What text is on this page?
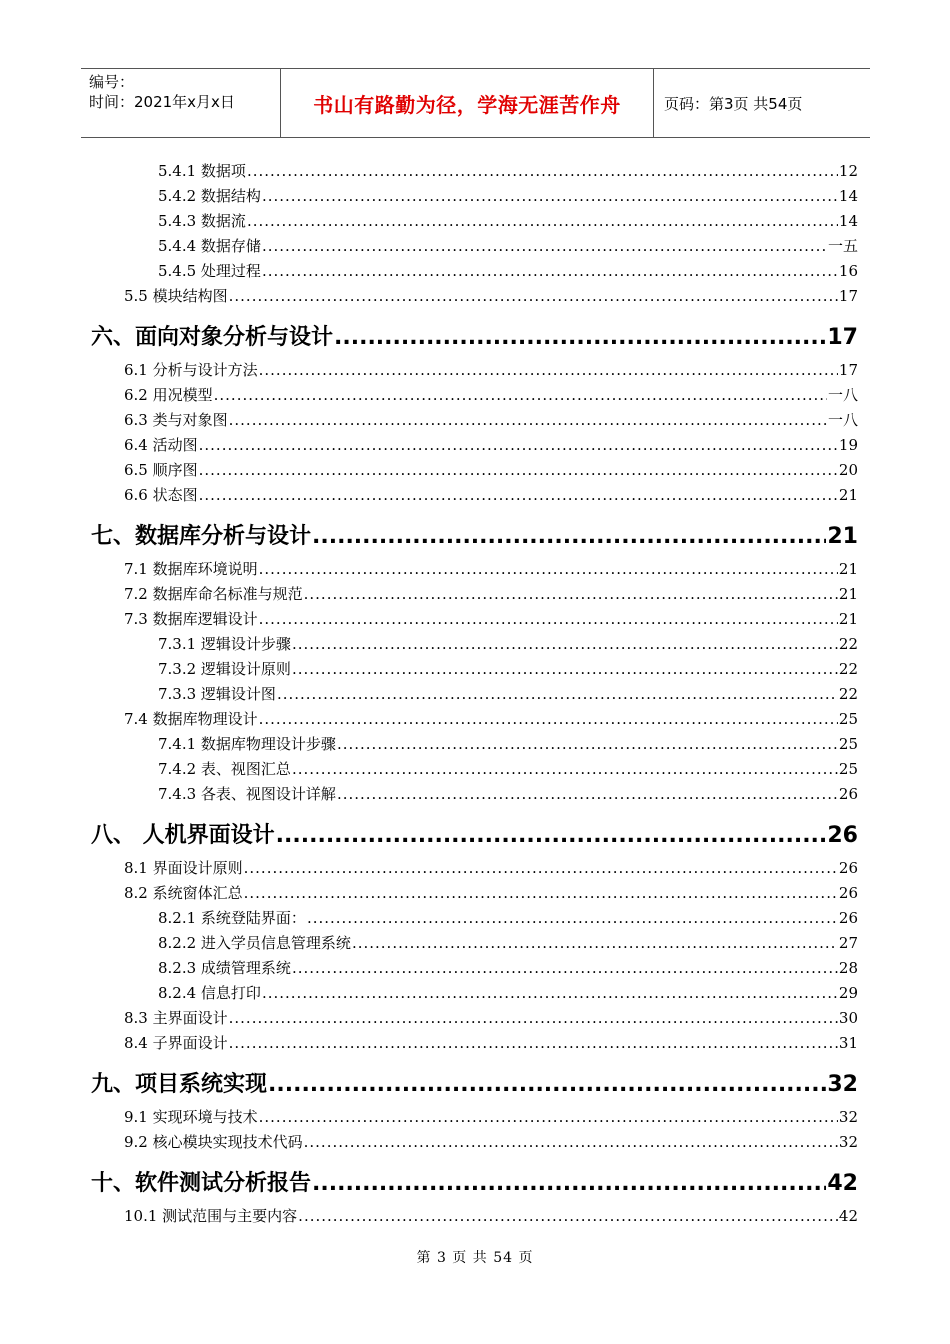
编号：
时间：2021年x月x日	书山有路勤为径，学海无涯苦作舟	页码：第3页 共54页
5.4.1 数据项 .....	12
5.4.2 数据结构 .....	14
5.4.3 数据流 .....	14
5.4.4 数据存储 .....	一五
5.4.5 处理过程 .....	16
5.5 模块结构图 .....	17
六、面向对象分析与设计 .....	17
6.1 分析与设计方法 .....	17
6.2 用况模型 .....	一八
6.3 类与对象图 .....	一八
6.4 活动图 .....	19
6.5 顺序图 .....	20
6.6 状态图 .....	21
七、数据库分析与设计 .....	21
7.1 数据库环境说明 .....	21
7.2 数据库命名标准与规范 .....	21
7.3 数据库逻辑设计 .....	21
7.3.1 逻辑设计步骤 .....	22
7.3.2 逻辑设计原则 .....	22
7.3.3 逻辑设计图 .....	22
7.4 数据库物理设计 .....	25
7.4.1 数据库物理设计步骤 .....	25
7.4.2 表、视图汇总 .....	25
7.4.3 各表、视图设计详解 .....	26
八、 人机界面设计 .....	26
8.1 界面设计原则 .....	26
8.2 系统窗体汇总 .....	26
8.2.1 系统登陆界面： .....	26
8.2.2 进入学员信息管理系统 .....	27
8.2.3 成绩管理系统 .....	28
8.2.4 信息打印 .....	29
8.3 主界面设计 .....	30
8.4 子界面设计 .....	31
九、项目系统实现 .....	32
9.1 实现环境与技术 .....	32
9.2 核心模块实现技术代码 .....	32
十、软件测试分析报告 .....	42
10.1 测试范围与主要内容 .....	42
第 3 页 共 54 页
